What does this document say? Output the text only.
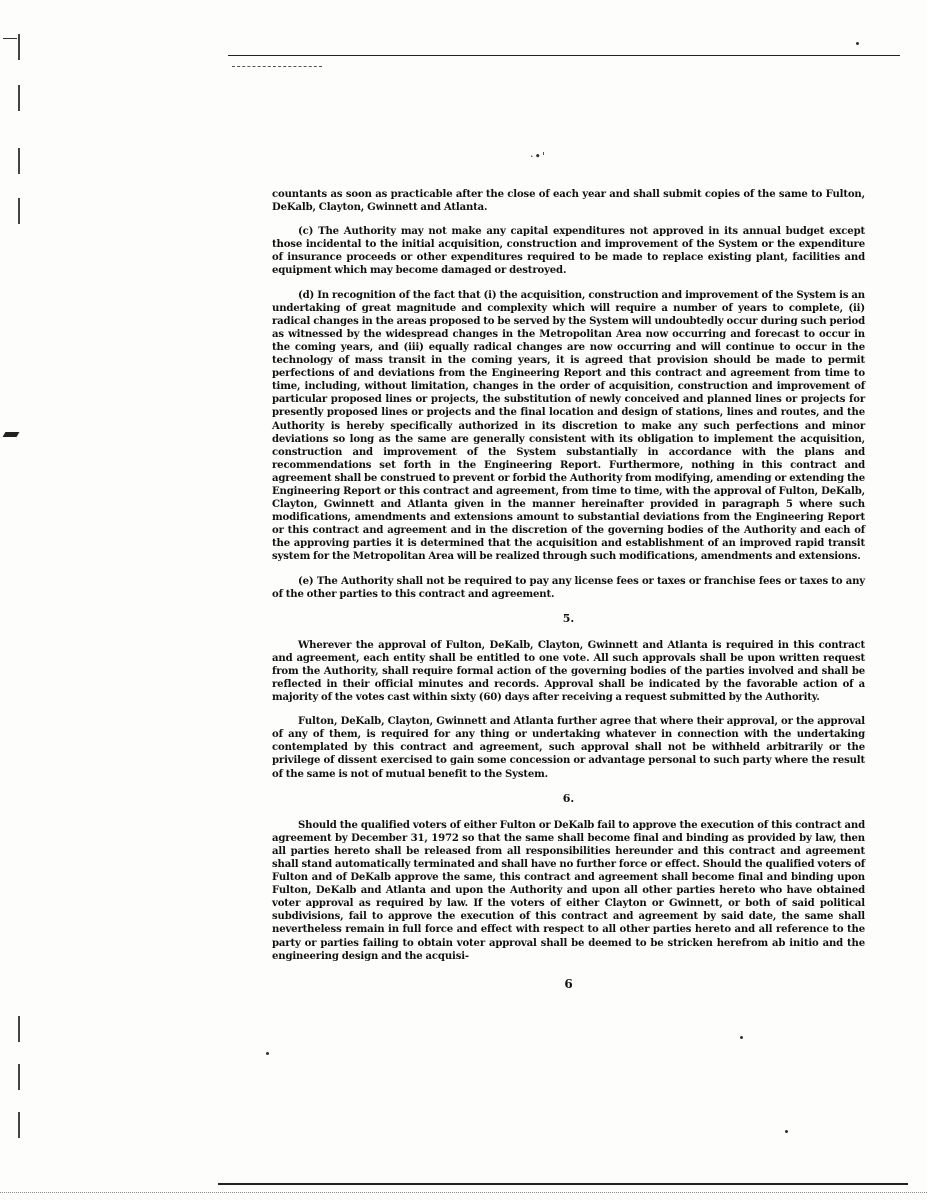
·•'

countants as soon as practicable after the close of each year and shall submit copies of the same to Fulton, DeKalb, Clayton, Gwinnett and Atlanta.

(c) The Authority may not make any capital expenditures not approved in its annual budget except those incidental to the initial acquisition, construction and improvement of the System or the expenditure of insurance proceeds or other expenditures required to be made to replace existing plant, facilities and equipment which may become damaged or destroyed.

(d) In recognition of the fact that (i) the acquisition, construction and improvement of the System is an undertaking of great magnitude and complexity which will require a number of years to complete, (ii) radical changes in the areas proposed to be served by the System will undoubtedly occur during such period as witnessed by the widespread changes in the Metropolitan Area now occurring and forecast to occur in the coming years, and (iii) equally radical changes are now occurring and will continue to occur in the technology of mass transit in the coming years, it is agreed that provision should be made to permit perfections of and deviations from the Engineering Report and this contract and agreement from time to time, including, without limitation, changes in the order of acquisition, construction and improvement of particular proposed lines or projects, the substitution of newly conceived and planned lines or projects for presently proposed lines or projects and the final location and design of stations, lines and routes, and the Authority is hereby specifically authorized in its discretion to make any such perfections and minor deviations so long as the same are generally consistent with its obligation to implement the acquisition, construction and improvement of the System substantially in accordance with the plans and recommendations set forth in the Engineering Report. Furthermore, nothing in this contract and agreement shall be construed to prevent or forbid the Authority from modifying, amending or extending the Engineering Report or this contract and agreement, from time to time, with the approval of Fulton, DeKalb, Clayton, Gwinnett and Atlanta given in the manner hereinafter provided in paragraph 5 where such modifications, amendments and extensions amount to substantial deviations from the Engineering Report or this contract and agreement and in the discretion of the governing bodies of the Authority and each of the approving parties it is determined that the acquisition and establishment of an improved rapid transit system for the Metropolitan Area will be realized through such modifications, amendments and extensions.

(e) The Authority shall not be required to pay any license fees or taxes or franchise fees or taxes to any of the other parties to this contract and agreement.

5.

Wherever the approval of Fulton, DeKalb, Clayton, Gwinnett and Atlanta is required in this contract and agreement, each entity shall be entitled to one vote. All such approvals shall be upon written request from the Authority, shall require formal action of the governing bodies of the parties involved and shall be reflected in their official minutes and records. Approval shall be indicated by the favorable action of a majority of the votes cast within sixty (60) days after receiving a request submitted by the Authority.

Fulton, DeKalb, Clayton, Gwinnett and Atlanta further agree that where their approval, or the approval of any of them, is required for any thing or undertaking whatever in connection with the undertaking contemplated by this contract and agreement, such approval shall not be withheld arbitrarily or the privilege of dissent exercised to gain some concession or advantage personal to such party where the result of the same is not of mutual benefit to the System.

6.

Should the qualified voters of either Fulton or DeKalb fail to approve the execution of this contract and agreement by December 31, 1972 so that the same shall become final and binding as provided by law, then all parties hereto shall be released from all responsibilities hereunder and this contract and agreement shall stand automatically terminated and shall have no further force or effect. Should the qualified voters of Fulton and of DeKalb approve the same, this contract and agreement shall become final and binding upon Fulton, DeKalb and Atlanta and upon the Authority and upon all other parties hereto who have obtained voter approval as required by law. If the voters of either Clayton or Gwinnett, or both of said political subdivisions, fail to approve the execution of this contract and agreement by said date, the same shall nevertheless remain in full force and effect with respect to all other parties hereto and all reference to the party or parties failing to obtain voter approval shall be deemed to be stricken herefrom ab initio and the engineering design and the acquisi-

6
